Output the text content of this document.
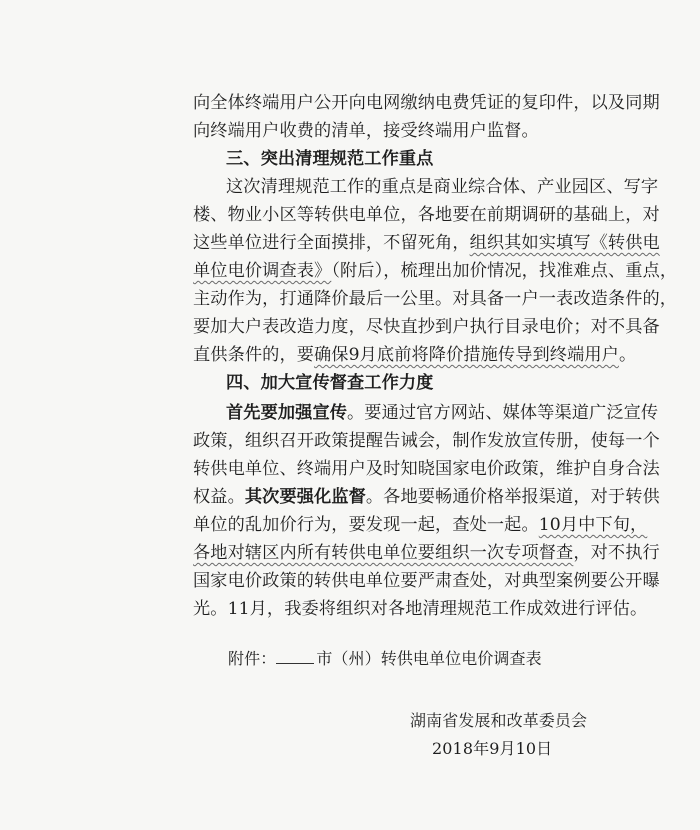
向全体终端用户公开向电网缴纳电费凭证的复印件，以及同期
向终端用户收费的清单，接受终端用户监督。
三、突出清理规范工作重点
这次清理规范工作的重点是商业综合体、产业园区、写字
楼、物业小区等转供电单位，各地要在前期调研的基础上，对
这些单位进行全面摸排，不留死角，组织其如实填写《转供电
单位电价调查表》（附后），梳理出加价情况，找准难点、重点，
主动作为，打通降价最后一公里。对具备一户一表改造条件的，
要加大户表改造力度，尽快直抄到户执行目录电价；对不具备
直供条件的，要确保9月底前将降价措施传导到终端用户。
四、加大宣传督查工作力度
首先要加强宣传。要通过官方网站、媒体等渠道广泛宣传
政策，组织召开政策提醒告诫会，制作发放宣传册，使每一个
转供电单位、终端用户及时知晓国家电价政策，维护自身合法
权益。其次要强化监督。各地要畅通价格举报渠道，对于转供
单位的乱加价行为，要发现一起，查处一起。10月中下旬，
各地对辖区内所有转供电单位要组织一次专项督查，对不执行
国家电价政策的转供电单位要严肃查处，对典型案例要公开曝
光。11月，我委将组织对各地清理规范工作成效进行评估。
附件：	市（州）转供电单位电价调查表
湖南省发展和改革委员会
2018年9月10日
